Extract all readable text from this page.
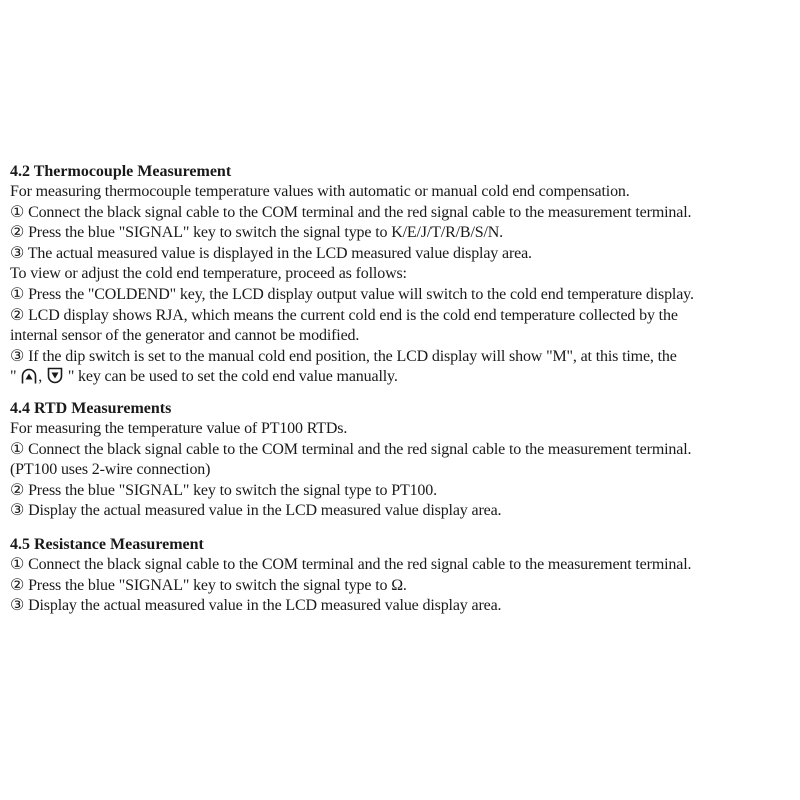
4.2 Thermocouple Measurement
For measuring thermocouple temperature values with automatic or manual cold end compensation.
① Connect the black signal cable to the COM terminal and the red signal cable to the measurement terminal.
② Press the blue "SIGNAL" key to switch the signal type to K/E/J/T/R/B/S/N.
③ The actual measured value is displayed in the LCD measured value display area.
To view or adjust the cold end temperature, proceed as follows:
① Press the "COLDEND" key, the LCD display output value will switch to the cold end temperature display.
② LCD display shows RJA, which means the current cold end is the cold end temperature collected by the
internal sensor of the generator and cannot be modified.
③ If the dip switch is set to the manual cold end position, the LCD display will show "M", at this time, the
" , " key can be used to set the cold end value manually.
4.4 RTD Measurements
For measuring the temperature value of PT100 RTDs.
① Connect the black signal cable to the COM terminal and the red signal cable to the measurement terminal.
(PT100 uses 2-wire connection)
② Press the blue "SIGNAL" key to switch the signal type to PT100.
③ Display the actual measured value in the LCD measured value display area.
4.5 Resistance Measurement
① Connect the black signal cable to the COM terminal and the red signal cable to the measurement terminal.
② Press the blue "SIGNAL" key to switch the signal type to Ω.
③ Display the actual measured value in the LCD measured value display area.
